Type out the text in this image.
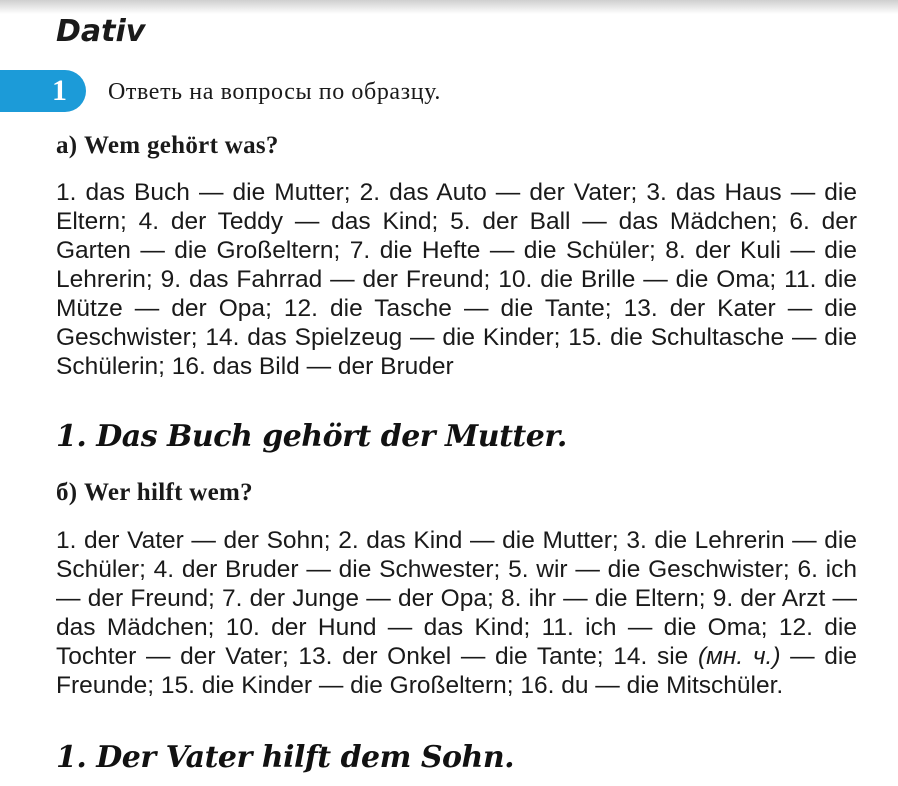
Dativ
1 Ответь на вопросы по образцу.
а) Wem gehört was?

1. das Buch — die Mutter; 2. das Auto — der Vater; 3. das Haus — die Eltern; 4. der Teddy — das Kind; 5. der Ball — das Mädchen; 6. der Garten — die Großeltern; 7. die Hefte — die Schüler; 8. der Kuli — die Lehrerin; 9. das Fahrrad — der Freund; 10. die Brille — die Oma; 11. die Mütze — der Opa; 12. die Tasche — die Tante; 13. der Kater — die Geschwister; 14. das Spielzeug — die Kinder; 15. die Schultasche — die Schülerin; 16. das Bild — der Bruder

1. Das Buch gehört der Mutter.
б) Wer hilft wem?

1. der Vater — der Sohn; 2. das Kind — die Mutter; 3. die Lehrerin — die Schüler; 4. der Bruder — die Schwester; 5. wir — die Geschwister; 6. ich — der Freund; 7. der Junge — der Opa; 8. ihr — die Eltern; 9. der Arzt — das Mädchen; 10. der Hund — das Kind; 11. ich — die Oma; 12. die Tochter — der Vater; 13. der Onkel — die Tante; 14. sie (мн. ч.) — die Freunde; 15. die Kinder — die Großeltern; 16. du — die Mitschüler.

1. Der Vater hilft dem Sohn.
